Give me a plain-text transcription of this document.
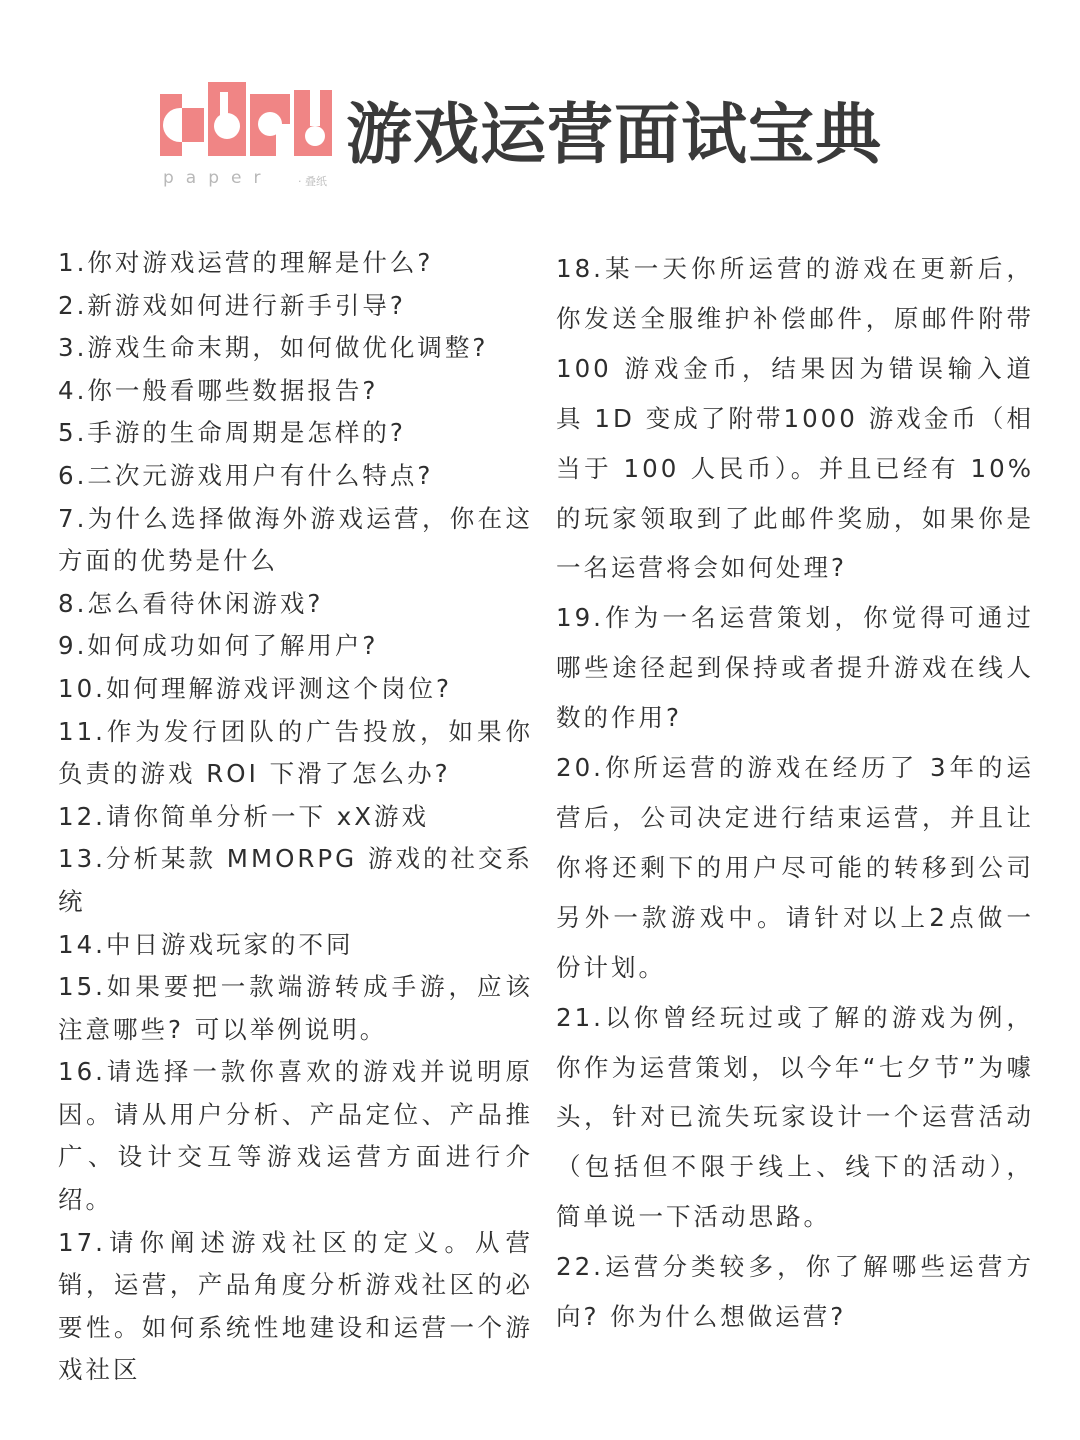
paper · 叠纸
游戏运营面试宝典

1.你对游戏运营的理解是什么?

2.新游戏如何进行新手引导?

3.游戏生命末期，如何做优化调整?

4.你一般看哪些数据报告?

5.手游的生命周期是怎样的?

6.二次元游戏用户有什么特点?

7.为什么选择做海外游戏运营，你在这方面的优势是什么

8.怎么看待休闲游戏?

9.如何成功如何了解用户?

10.如何理解游戏评测这个岗位?

11.作为发行团队的广告投放，如果你负责的游戏 ROI 下滑了怎么办?

12.请你简单分析一下 xX游戏

13.分析某款 MMORPG 游戏的社交系统

14.中日游戏玩家的不同

15.如果要把一款端游转成手游，应该注意哪些? 可以举例说明。

16.请选择一款你喜欢的游戏并说明原因。请从用户分析、产品定位、产品推广、设计交互等游戏运营方面进行介绍。

17.请你阐述游戏社区的定义。从营销，运营，产品角度分析游戏社区的必要性。如何系统性地建设和运营一个游戏社区

18.某一天你所运营的游戏在更新后，你发送全服维护补偿邮件，原邮件附带100 游戏金币，结果因为错误输入道具 1D 变成了附带1000 游戏金币（相当于 100 人民币）。并且已经有 10%的玩家领取到了此邮件奖励，如果你是一名运营将会如何处理?

19.作为一名运营策划，你觉得可通过哪些途径起到保持或者提升游戏在线人数的作用?

20.你所运营的游戏在经历了 3年的运营后，公司决定进行结束运营，并且让你将还剩下的用户尽可能的转移到公司另外一款游戏中。请针对以上2点做一份计划。

21.以你曾经玩过或了解的游戏为例，你作为运营策划，以今年“七夕节”为噱头，针对已流失玩家设计一个运营活动（包括但不限于线上、线下的活动），简单说一下活动思路。

22.运营分类较多，你了解哪些运营方向? 你为什么想做运营?
